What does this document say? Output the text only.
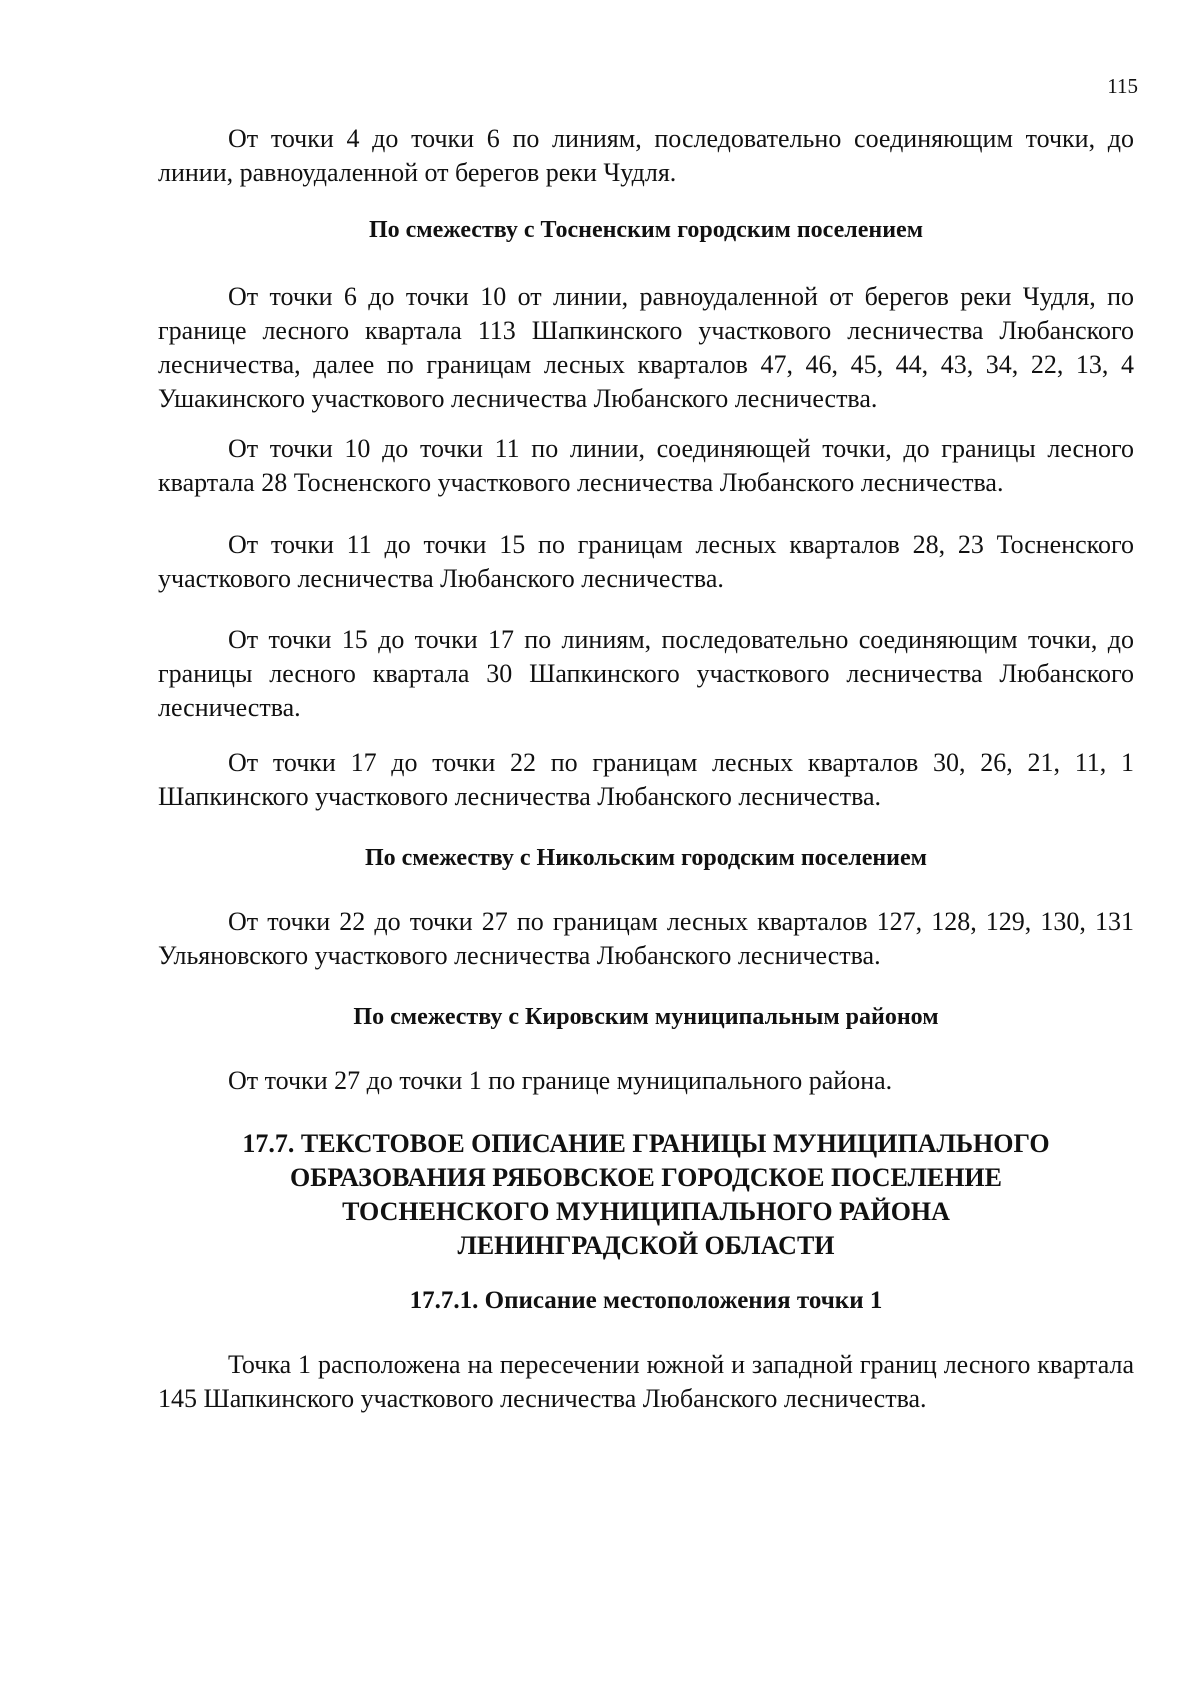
115

От точки 4 до точки 6 по линиям, последовательно соединяющим точки, до линии, равноудаленной от берегов реки Чудля.

По смежеству с Тосненским городским поселением

От точки 6 до точки 10 от линии, равноудаленной от берегов реки Чудля, по границе лесного квартала 113 Шапкинского участкового лесничества Любанского лесничества, далее по границам лесных кварталов 47, 46, 45, 44, 43, 34, 22, 13, 4 Ушакинского участкового лесничества Любанского лесничества.

От точки 10 до точки 11 по линии, соединяющей точки, до границы лесного квартала 28 Тосненского участкового лесничества Любанского лесничества.

От точки 11 до точки 15 по границам лесных кварталов 28, 23 Тосненского участкового лесничества Любанского лесничества.

От точки 15 до точки 17 по линиям, последовательно соединяющим точки, до границы лесного квартала 30 Шапкинского участкового лесничества Любанского лесничества.

От точки 17 до точки 22 по границам лесных кварталов 30, 26, 21, 11, 1 Шапкинского участкового лесничества Любанского лесничества.

По смежеству с Никольским городским поселением

От точки 22 до точки 27 по границам лесных кварталов 127, 128, 129, 130, 131 Ульяновского участкового лесничества Любанского лесничества.

По смежеству с Кировским муниципальным районом

От точки 27 до точки 1 по границе муниципального района.

17.7. ТЕКСТОВОЕ ОПИСАНИЕ ГРАНИЦЫ МУНИЦИПАЛЬНОГО
ОБРАЗОВАНИЯ РЯБОВСКОЕ ГОРОДСКОЕ ПОСЕЛЕНИЕ
ТОСНЕНСКОГО МУНИЦИПАЛЬНОГО РАЙОНА
ЛЕНИНГРАДСКОЙ ОБЛАСТИ
17.7.1. Описание местоположения точки 1

Точка 1 расположена на пересечении южной и западной границ лесного квартала 145 Шапкинского участкового лесничества Любанского лесничества.
